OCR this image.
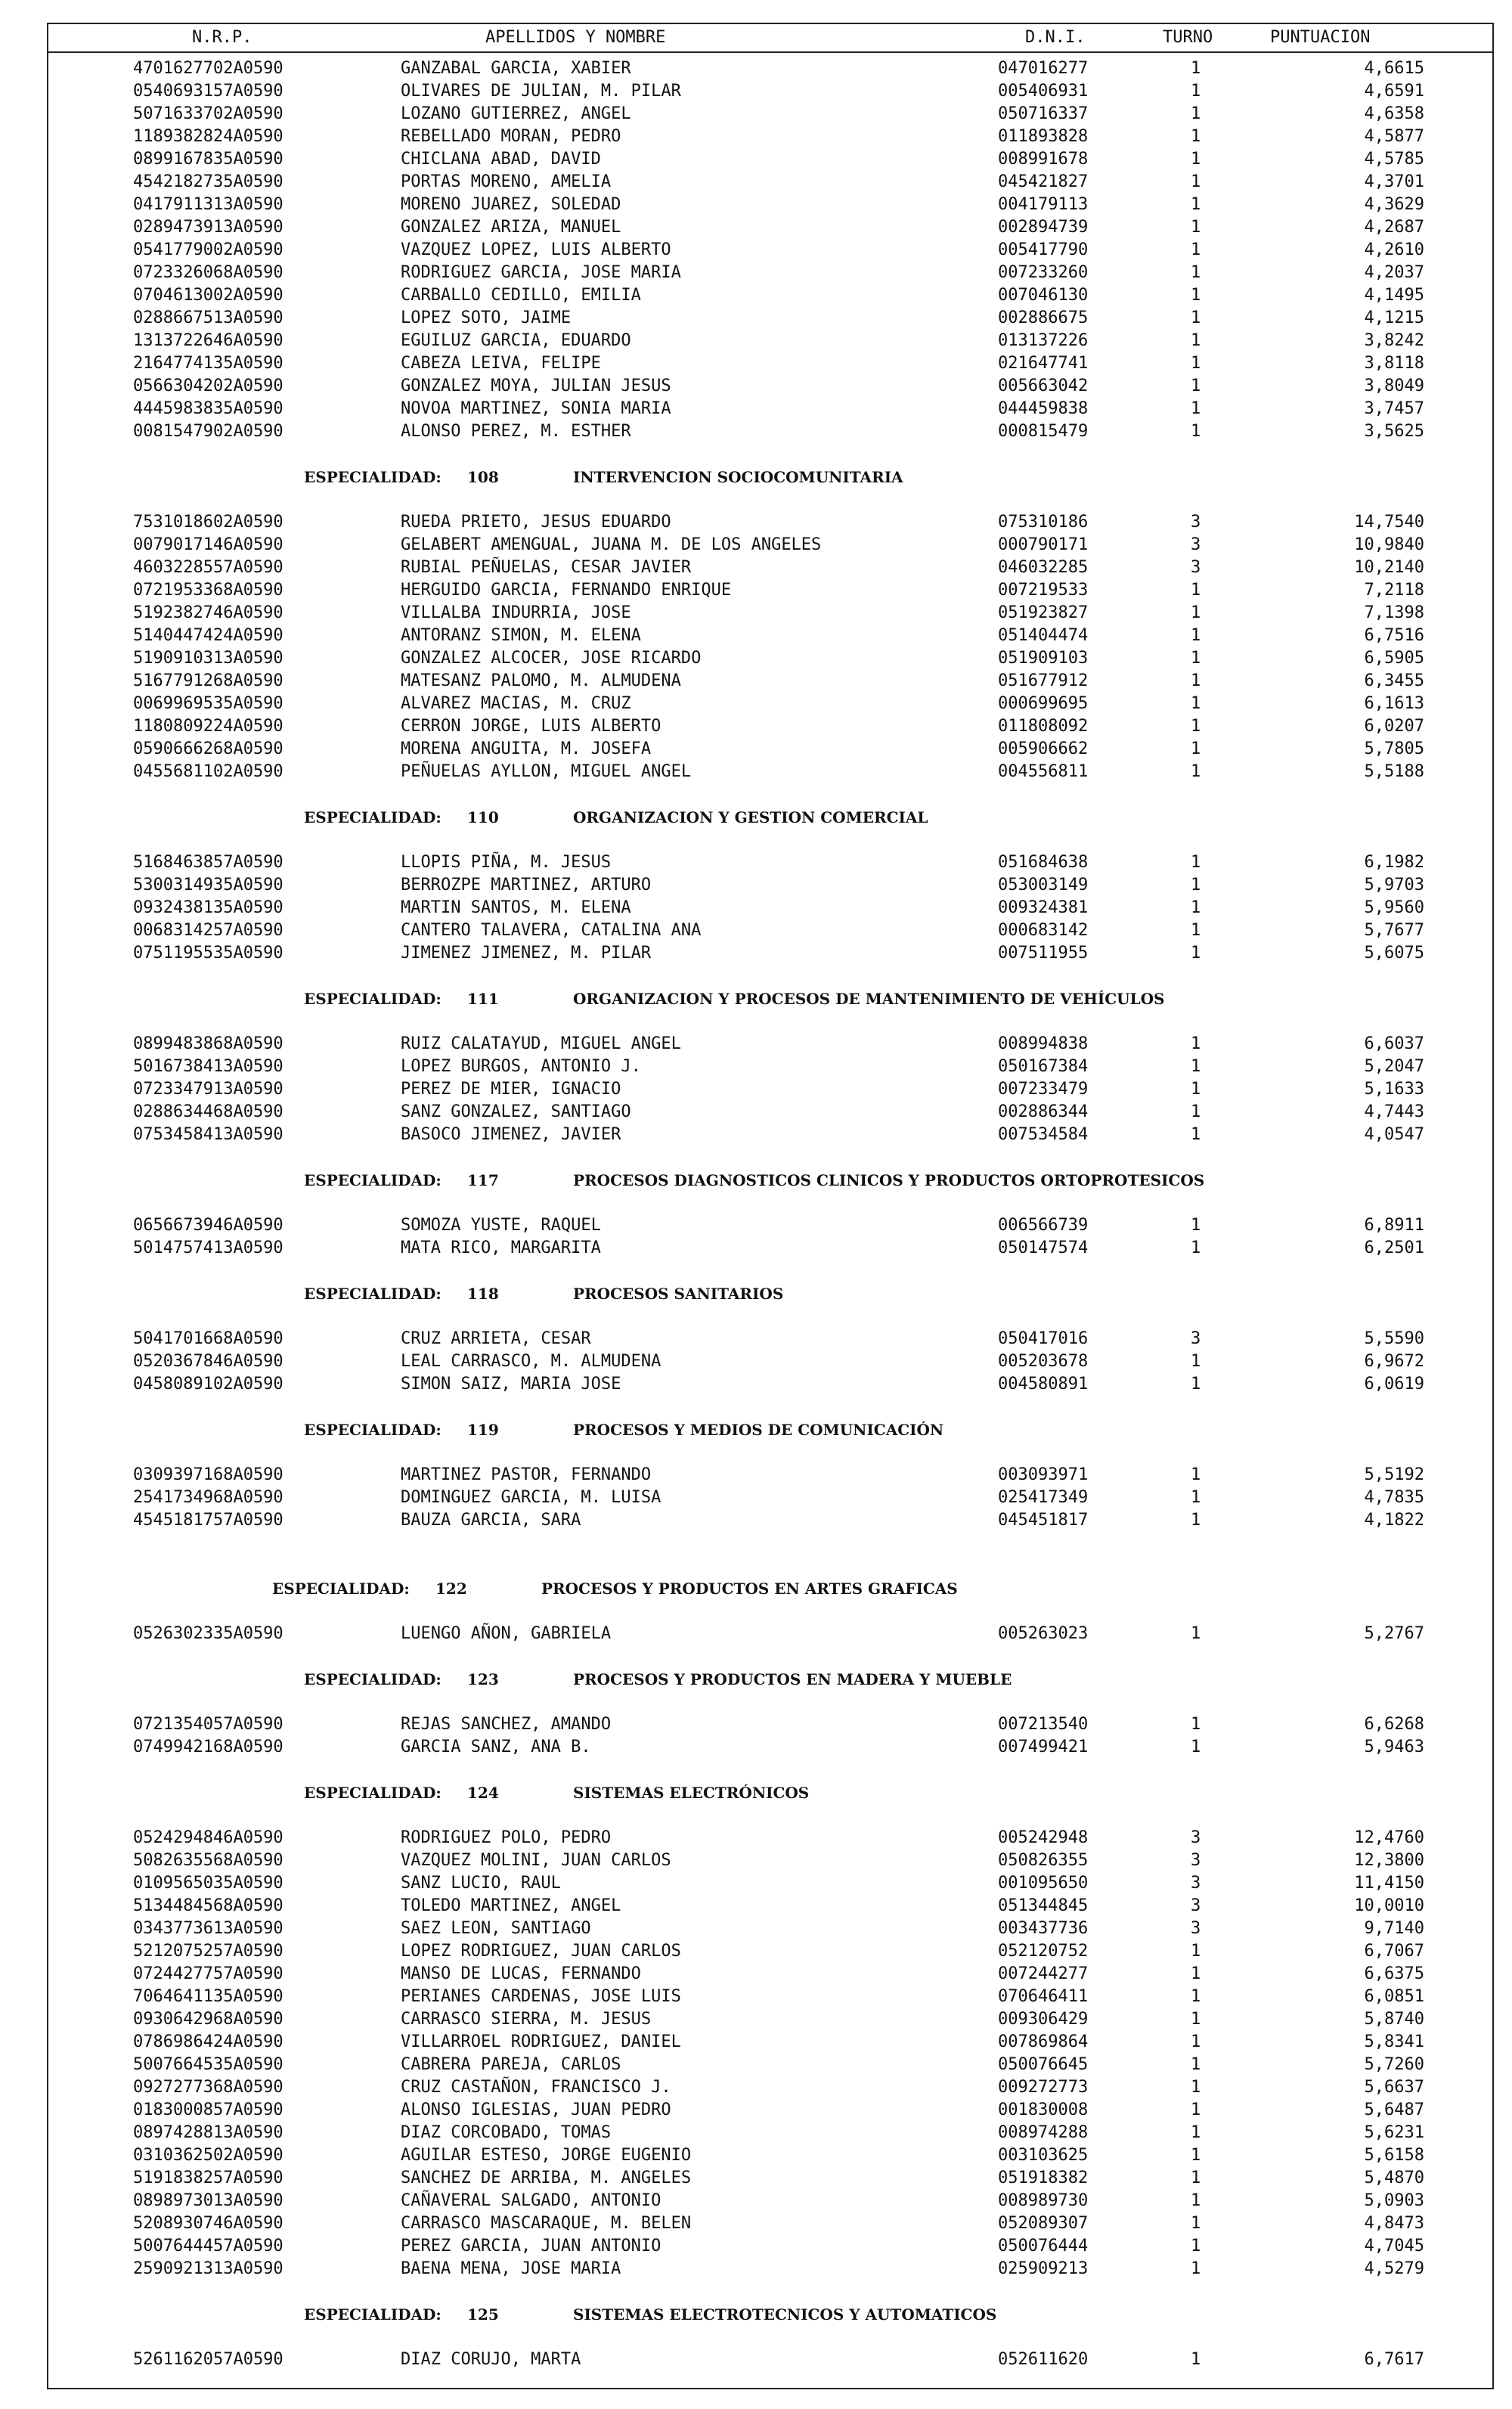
N.R.P.	APELLIDOS Y NOMBRE	D.N.I.	TURNO	PUNTUACION
4701627702A0590	GANZABAL GARCIA, XABIER	047016277	1	4,6615
0540693157A0590	OLIVARES DE JULIAN, M. PILAR	005406931	1	4,6591
5071633702A0590	LOZANO GUTIERREZ, ANGEL	050716337	1	4,6358
1189382824A0590	REBELLADO MORAN, PEDRO	011893828	1	4,5877
0899167835A0590	CHICLANA ABAD, DAVID	008991678	1	4,5785
4542182735A0590	PORTAS MORENO, AMELIA	045421827	1	4,3701
0417911313A0590	MORENO JUAREZ, SOLEDAD	004179113	1	4,3629
0289473913A0590	GONZALEZ ARIZA, MANUEL	002894739	1	4,2687
0541779002A0590	VAZQUEZ LOPEZ, LUIS ALBERTO	005417790	1	4,2610
0723326068A0590	RODRIGUEZ GARCIA, JOSE MARIA	007233260	1	4,2037
0704613002A0590	CARBALLO CEDILLO, EMILIA	007046130	1	4,1495
0288667513A0590	LOPEZ SOTO, JAIME	002886675	1	4,1215
1313722646A0590	EGUILUZ GARCIA, EDUARDO	013137226	1	3,8242
2164774135A0590	CABEZA LEIVA, FELIPE	021647741	1	3,8118
0566304202A0590	GONZALEZ MOYA, JULIAN JESUS	005663042	1	3,8049
4445983835A0590	NOVOA MARTINEZ, SONIA MARIA	044459838	1	3,7457
0081547902A0590	ALONSO PEREZ, M. ESTHER	000815479	1	3,5625
ESPECIALIDAD: 108	INTERVENCION SOCIOCOMUNITARIA
7531018602A0590	RUEDA PRIETO, JESUS EDUARDO	075310186	3	14,7540
0079017146A0590	GELABERT AMENGUAL, JUANA M. DE LOS ANGELES	000790171	3	10,9840
4603228557A0590	RUBIAL PEÑUELAS, CESAR JAVIER	046032285	3	10,2140
0721953368A0590	HERGUIDO GARCIA, FERNANDO ENRIQUE	007219533	1	7,2118
5192382746A0590	VILLALBA INDURRIA, JOSE	051923827	1	7,1398
5140447424A0590	ANTORANZ SIMON, M. ELENA	051404474	1	6,7516
5190910313A0590	GONZALEZ ALCOCER, JOSE RICARDO	051909103	1	6,5905
5167791268A0590	MATESANZ PALOMO, M. ALMUDENA	051677912	1	6,3455
0069969535A0590	ALVAREZ MACIAS, M. CRUZ	000699695	1	6,1613
1180809224A0590	CERRON JORGE, LUIS ALBERTO	011808092	1	6,0207
0590666268A0590	MORENA ANGUITA, M. JOSEFA	005906662	1	5,7805
0455681102A0590	PEÑUELAS AYLLON, MIGUEL ANGEL	004556811	1	5,5188
ESPECIALIDAD: 110	ORGANIZACION Y GESTION COMERCIAL
5168463857A0590	LLOPIS PIÑA, M. JESUS	051684638	1	6,1982
5300314935A0590	BERROZPE MARTINEZ, ARTURO	053003149	1	5,9703
0932438135A0590	MARTIN SANTOS, M. ELENA	009324381	1	5,9560
0068314257A0590	CANTERO TALAVERA, CATALINA ANA	000683142	1	5,7677
0751195535A0590	JIMENEZ JIMENEZ, M. PILAR	007511955	1	5,6075
ESPECIALIDAD: 111	ORGANIZACION Y PROCESOS DE MANTENIMIENTO DE VEHÍCULOS
0899483868A0590	RUIZ CALATAYUD, MIGUEL ANGEL	008994838	1	6,6037
5016738413A0590	LOPEZ BURGOS, ANTONIO J.	050167384	1	5,2047
0723347913A0590	PEREZ DE MIER, IGNACIO	007233479	1	5,1633
0288634468A0590	SANZ GONZALEZ, SANTIAGO	002886344	1	4,7443
0753458413A0590	BASOCO JIMENEZ, JAVIER	007534584	1	4,0547
ESPECIALIDAD: 117	PROCESOS DIAGNOSTICOS CLINICOS Y PRODUCTOS ORTOPROTESICOS
0656673946A0590	SOMOZA YUSTE, RAQUEL	006566739	1	6,8911
5014757413A0590	MATA RICO, MARGARITA	050147574	1	6,2501
ESPECIALIDAD: 118	PROCESOS SANITARIOS
5041701668A0590	CRUZ ARRIETA, CESAR	050417016	3	5,5590
0520367846A0590	LEAL CARRASCO, M. ALMUDENA	005203678	1	6,9672
0458089102A0590	SIMON SAIZ, MARIA JOSE	004580891	1	6,0619
ESPECIALIDAD: 119	PROCESOS Y MEDIOS DE COMUNICACIÓN
0309397168A0590	MARTINEZ PASTOR, FERNANDO	003093971	1	5,5192
2541734968A0590	DOMINGUEZ GARCIA, M. LUISA	025417349	1	4,7835
4545181757A0590	BAUZA GARCIA, SARA	045451817	1	4,1822
ESPECIALIDAD: 122	PROCESOS Y PRODUCTOS EN ARTES GRAFICAS
0526302335A0590	LUENGO AÑON, GABRIELA	005263023	1	5,2767
ESPECIALIDAD: 123	PROCESOS Y PRODUCTOS EN MADERA Y MUEBLE
0721354057A0590	REJAS SANCHEZ, AMANDO	007213540	1	6,6268
0749942168A0590	GARCIA SANZ, ANA B.	007499421	1	5,9463
ESPECIALIDAD: 124	SISTEMAS ELECTRÓNICOS
0524294846A0590	RODRIGUEZ POLO, PEDRO	005242948	3	12,4760
5082635568A0590	VAZQUEZ MOLINI, JUAN CARLOS	050826355	3	12,3800
0109565035A0590	SANZ LUCIO, RAUL	001095650	3	11,4150
5134484568A0590	TOLEDO MARTINEZ, ANGEL	051344845	3	10,0010
0343773613A0590	SAEZ LEON, SANTIAGO	003437736	3	9,7140
5212075257A0590	LOPEZ RODRIGUEZ, JUAN CARLOS	052120752	1	6,7067
0724427757A0590	MANSO DE LUCAS, FERNANDO	007244277	1	6,6375
7064641135A0590	PERIANES CARDENAS, JOSE LUIS	070646411	1	6,0851
0930642968A0590	CARRASCO SIERRA, M. JESUS	009306429	1	5,8740
0786986424A0590	VILLARROEL RODRIGUEZ, DANIEL	007869864	1	5,8341
5007664535A0590	CABRERA PAREJA, CARLOS	050076645	1	5,7260
0927277368A0590	CRUZ CASTAÑON, FRANCISCO J.	009272773	1	5,6637
0183000857A0590	ALONSO IGLESIAS, JUAN PEDRO	001830008	1	5,6487
0897428813A0590	DIAZ CORCOBADO, TOMAS	008974288	1	5,6231
0310362502A0590	AGUILAR ESTESO, JORGE EUGENIO	003103625	1	5,6158
5191838257A0590	SANCHEZ DE ARRIBA, M. ANGELES	051918382	1	5,4870
0898973013A0590	CAÑAVERAL SALGADO, ANTONIO	008989730	1	5,0903
5208930746A0590	CARRASCO MASCARAQUE, M. BELEN	052089307	1	4,8473
5007644457A0590	PEREZ GARCIA, JUAN ANTONIO	050076444	1	4,7045
2590921313A0590	BAENA MENA, JOSE MARIA	025909213	1	4,5279
ESPECIALIDAD: 125	SISTEMAS ELECTROTECNICOS Y AUTOMATICOS
5261162057A0590	DIAZ CORUJO, MARTA	052611620	1	6,7617
